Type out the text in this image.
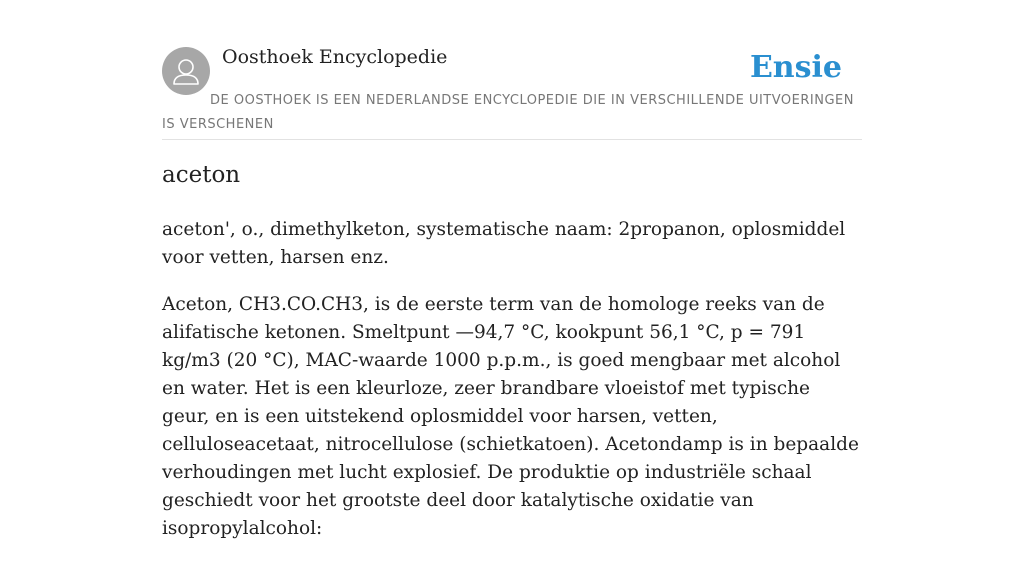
Oosthoek Encyclopedie	Ensie
DE OOSTHOEK IS EEN NEDERLANDSE ENCYCLOPEDIE DIE IN VERSCHILLENDE UITVOERINGEN IS VERSCHENEN
aceton

aceton', o., dimethylketon, systematische naam: 2propanon, oplosmiddel voor vetten, harsen enz.

Aceton, CH3.CO.CH3, is de eerste term van de homologe reeks van de alifatische ketonen. Smeltpunt —94,7 °C, kookpunt 56,1 °C, p = 791 kg/m3 (20 °C), MAC-waarde 1000 p.p.m., is goed mengbaar met alcohol en water. Het is een kleurloze, zeer brandbare vloeistof met typische geur, en is een uitstekend oplosmiddel voor harsen, vetten, celluloseacetaat, nitrocellulose (schietkatoen). Acetondamp is in bepaalde verhoudingen met lucht explosief. De produktie op industriële schaal geschiedt voor het grootste deel door katalytische oxidatie van isopropylalcohol:
